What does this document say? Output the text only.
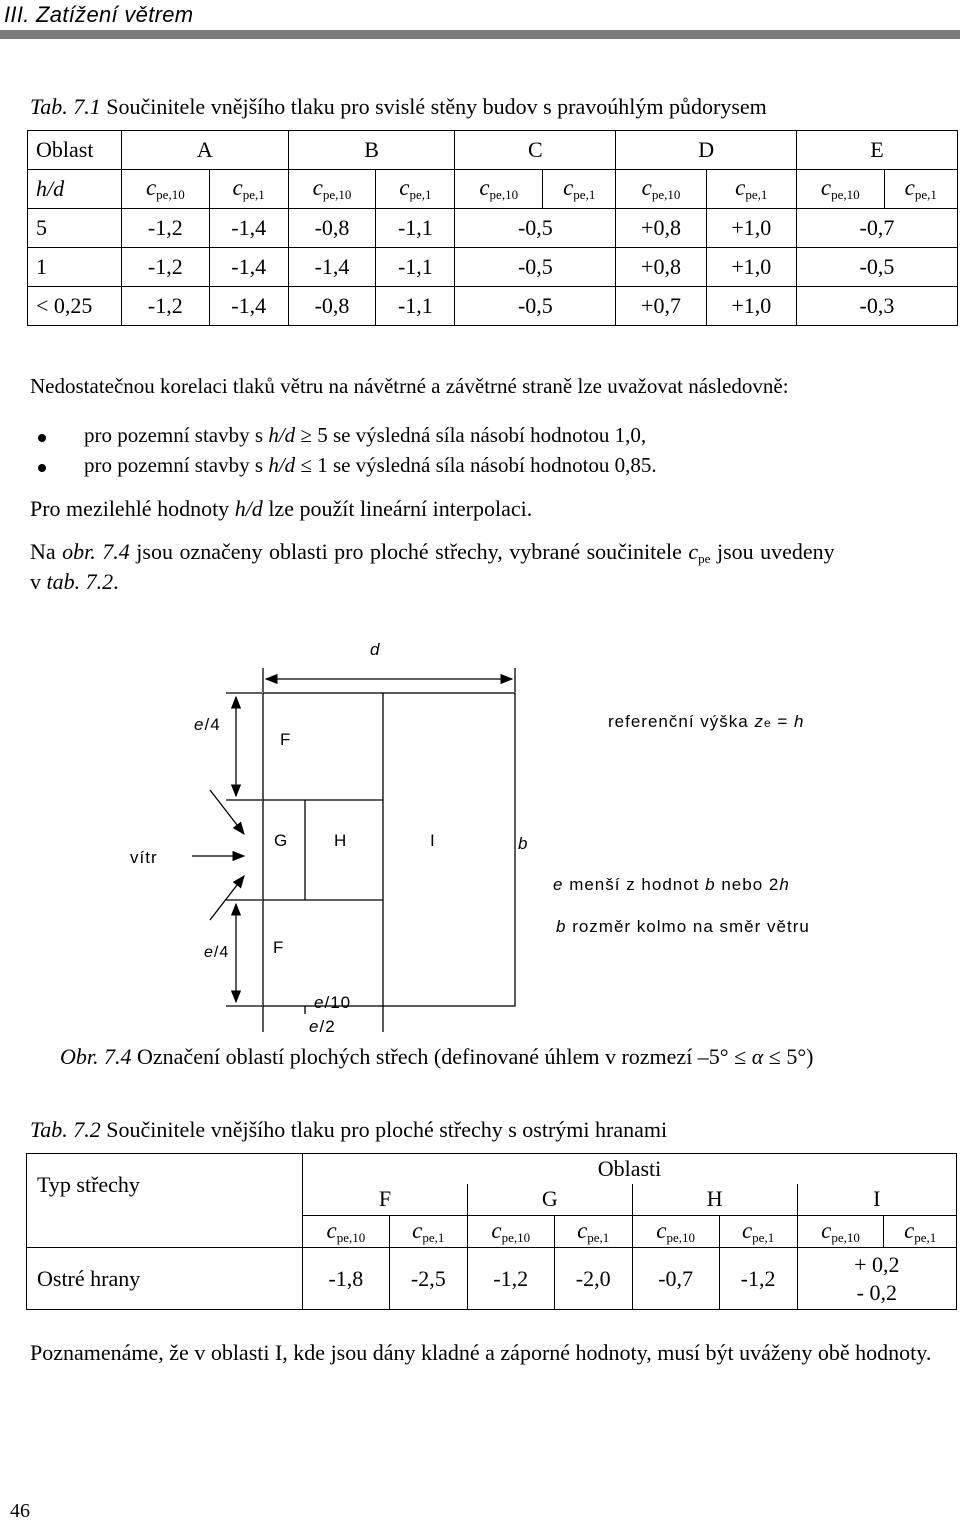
III. Zatížení větrem
Tab. 7.1 Součinitele vnějšího tlaku pro svislé stěny budov s pravoúhlým půdorysem
Oblast	A		B		C		D		E	
h/d	$c_{pe,10}$	$c_{pe,1}$	$c_{pe,10}$	$c_{pe,1}$	$c_{pe,10}$	$c_{pe,1}$	$c_{pe,10}$	$c_{pe,1}$	$c_{pe,10}$	$c_{pe,1}$
5	-1,2	-1,4	-0,8	-1,1	-0,5		+0,8	+1,0	-0,7	
1	-1,2	-1,4	-1,4	-1,1	-0,5		+0,8	+1,0	-0,5	
< 0,25	-1,2	-1,4	-0,8	-1,1	-0,5		+0,7	+1,0	-0,3	

Nedostatečnou korelaci tlaků větru na návětrné a závětrné straně lze uvažovat následovně:

pro pozemní stavby s h/d ≥ 5 se výsledná síla násobí hodnotou 1,0,

pro pozemní stavby s h/d ≤ 1 se výsledná síla násobí hodnotou 0,85.

Pro mezilehlé hodnoty h/d lze použít lineární interpolaci.

Na obr. 7.4 jsou označeny oblasti pro ploché střechy, vybrané součinitele $c_{pe}$ jsou uvedeny

v tab. 7.2.

d
e/4
F
referenční výška ze = h
vítr
G	H	I	b
e menší z hodnot b nebo 2h
b rozměr kolmo na směr větru
e/4	F
e/10
e/2
Obr. 7.4 Označení oblastí plochých střech (definované úhlem v rozmezí –5° ≤ α ≤ 5°)
Tab. 7.2 Součinitele vnějšího tlaku pro ploché střechy s ostrými hranami
Typ střechy	Oblasti							
	F		G		H		I	
	$c_{pe,10}$	$c_{pe,1}$	$c_{pe,10}$	$c_{pe,1}$	$c_{pe,10}$	$c_{pe,1}$	$c_{pe,10}$	$c_{pe,1}$
Ostré hrany	-1,8	-2,5	-1,2	-2,0	-0,7	-1,2	+ 0,2
- 0,2	

Poznamenáme, že v oblasti I, kde jsou dány kladné a záporné hodnoty, musí být uváženy obě hodnoty.

46
